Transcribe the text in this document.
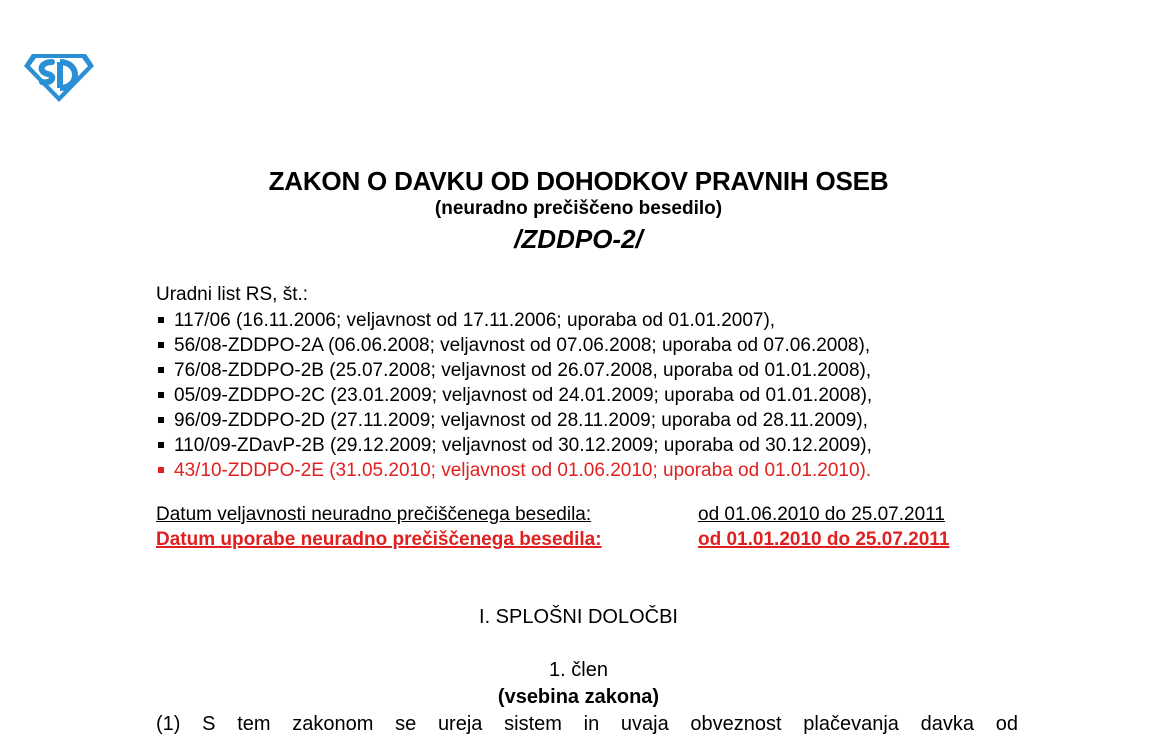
ZAKON O DAVKU OD DOHODKOV PRAVNIH OSEB
(neuradno prečiščeno besedilo)
/ZDDPO-2/
Uradni list RS, št.:
117/06 (16.11.2006; veljavnost od 17.11.2006; uporaba od 01.01.2007),
56/08-ZDDPO-2A (06.06.2008; veljavnost od 07.06.2008; uporaba od 07.06.2008),
76/08-ZDDPO-2B (25.07.2008; veljavnost od 26.07.2008, uporaba od 01.01.2008),
05/09-ZDDPO-2C (23.01.2009; veljavnost od 24.01.2009; uporaba od 01.01.2008),
96/09-ZDDPO-2D (27.11.2009; veljavnost od 28.11.2009; uporaba od 28.11.2009),
110/09-ZDavP-2B (29.12.2009; veljavnost od 30.12.2009; uporaba od 30.12.2009),
43/10-ZDDPO-2E (31.05.2010; veljavnost od 01.06.2010; uporaba od 01.01.2010).
Datum veljavnosti neuradno prečiščenega besedila:	od 01.06.2010 do 25.07.2011
Datum uporabe neuradno prečiščenega besedila:	od 01.01.2010 do 25.07.2011
I. SPLOŠNI DOLOČBI
1. člen
(vsebina zakona)
(1) S tem zakonom se ureja sistem in uvaja obveznost plačevanja davka od
